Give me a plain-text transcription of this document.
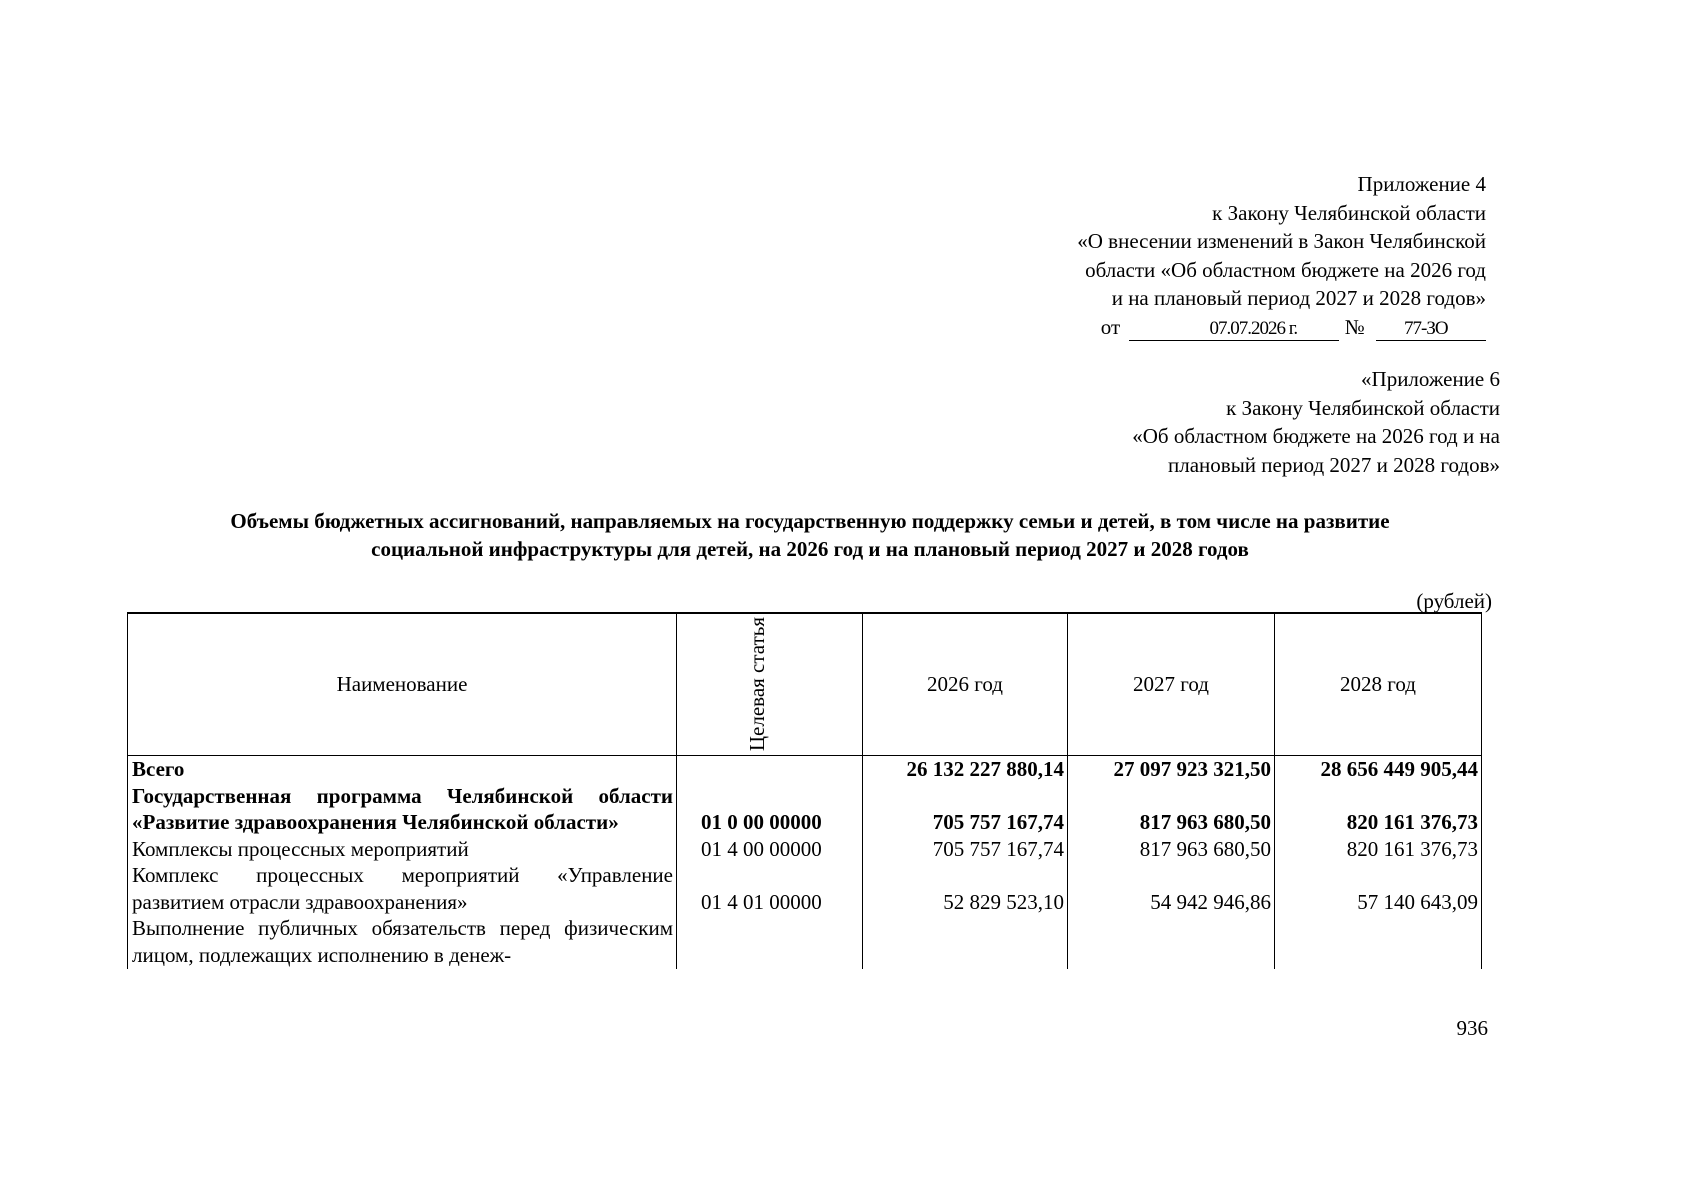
Приложение 4
к Закону Челябинской области
«О внесении изменений в Закон Челябинской
области «Об областном бюджете на 2026 год
и на плановый период 2027 и 2028 годов»
от	07.07.2026 г. № 77-ЗО
«Приложение 6
к Закону Челябинской области
«Об областном бюджете на 2026 год и на
плановый период 2027 и 2028 годов»
Объемы бюджетных ассигнований, направляемых на государственную поддержку семьи и детей, в том числе на развитие
социальной инфраструктуры для детей, на 2026 год и на плановый период 2027 и 2028 годов
(рублей)
Наименование	Целевая статья	2026 год	2027 год	2028 год
Всего		26 132 227 880,14	27 097 923 321,50	28 656 449 905,44
Государственная программа Челябинской области «Развитие здравоохранения Челябинской области»	01 0 00 00000	705 757 167,74	817 963 680,50	820 161 376,73
Комплексы процессных мероприятий	01 4 00 00000	705 757 167,74	817 963 680,50	820 161 376,73
Комплекс процессных мероприятий «Управление развитием отрасли здравоохранения»	01 4 01 00000	52 829 523,10	54 942 946,86	57 140 643,09
Выполнение публичных обязательств перед физическим лицом, подлежащих исполнению в денеж-				
936
